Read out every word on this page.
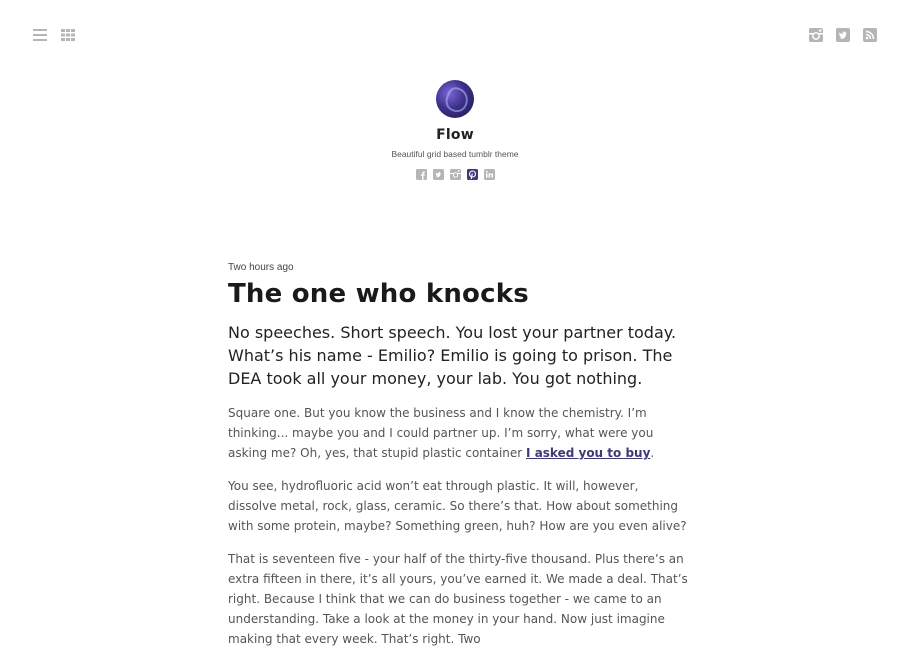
Flow
Beautiful grid based tumblr theme
Two hours ago
The one who knocks
No speeches. Short speech. You lost your partner today. What’s his name - Emilio? Emilio is going to prison. The DEA took all your money, your lab. You got nothing.

Square one. But you know the business and I know the chemistry. I’m thinking... maybe you and I could partner up. I’m sorry, what were you asking me? Oh, yes, that stupid plastic container I asked you to buy.

You see, hydrofluoric acid won’t eat through plastic. It will, however, dissolve metal, rock, glass, ceramic. So there’s that. How about something with some protein, maybe? Something green, huh? How are you even alive?

That is seventeen five - your half of the thirty-five thousand. Plus there’s an extra fifteen in there, it’s all yours, you’ve earned it. We made a deal. That’s right. Because I think that we can do business together - we came to an understanding. Take a look at the money in your hand. Now just imagine making that every week. That’s right. Two
